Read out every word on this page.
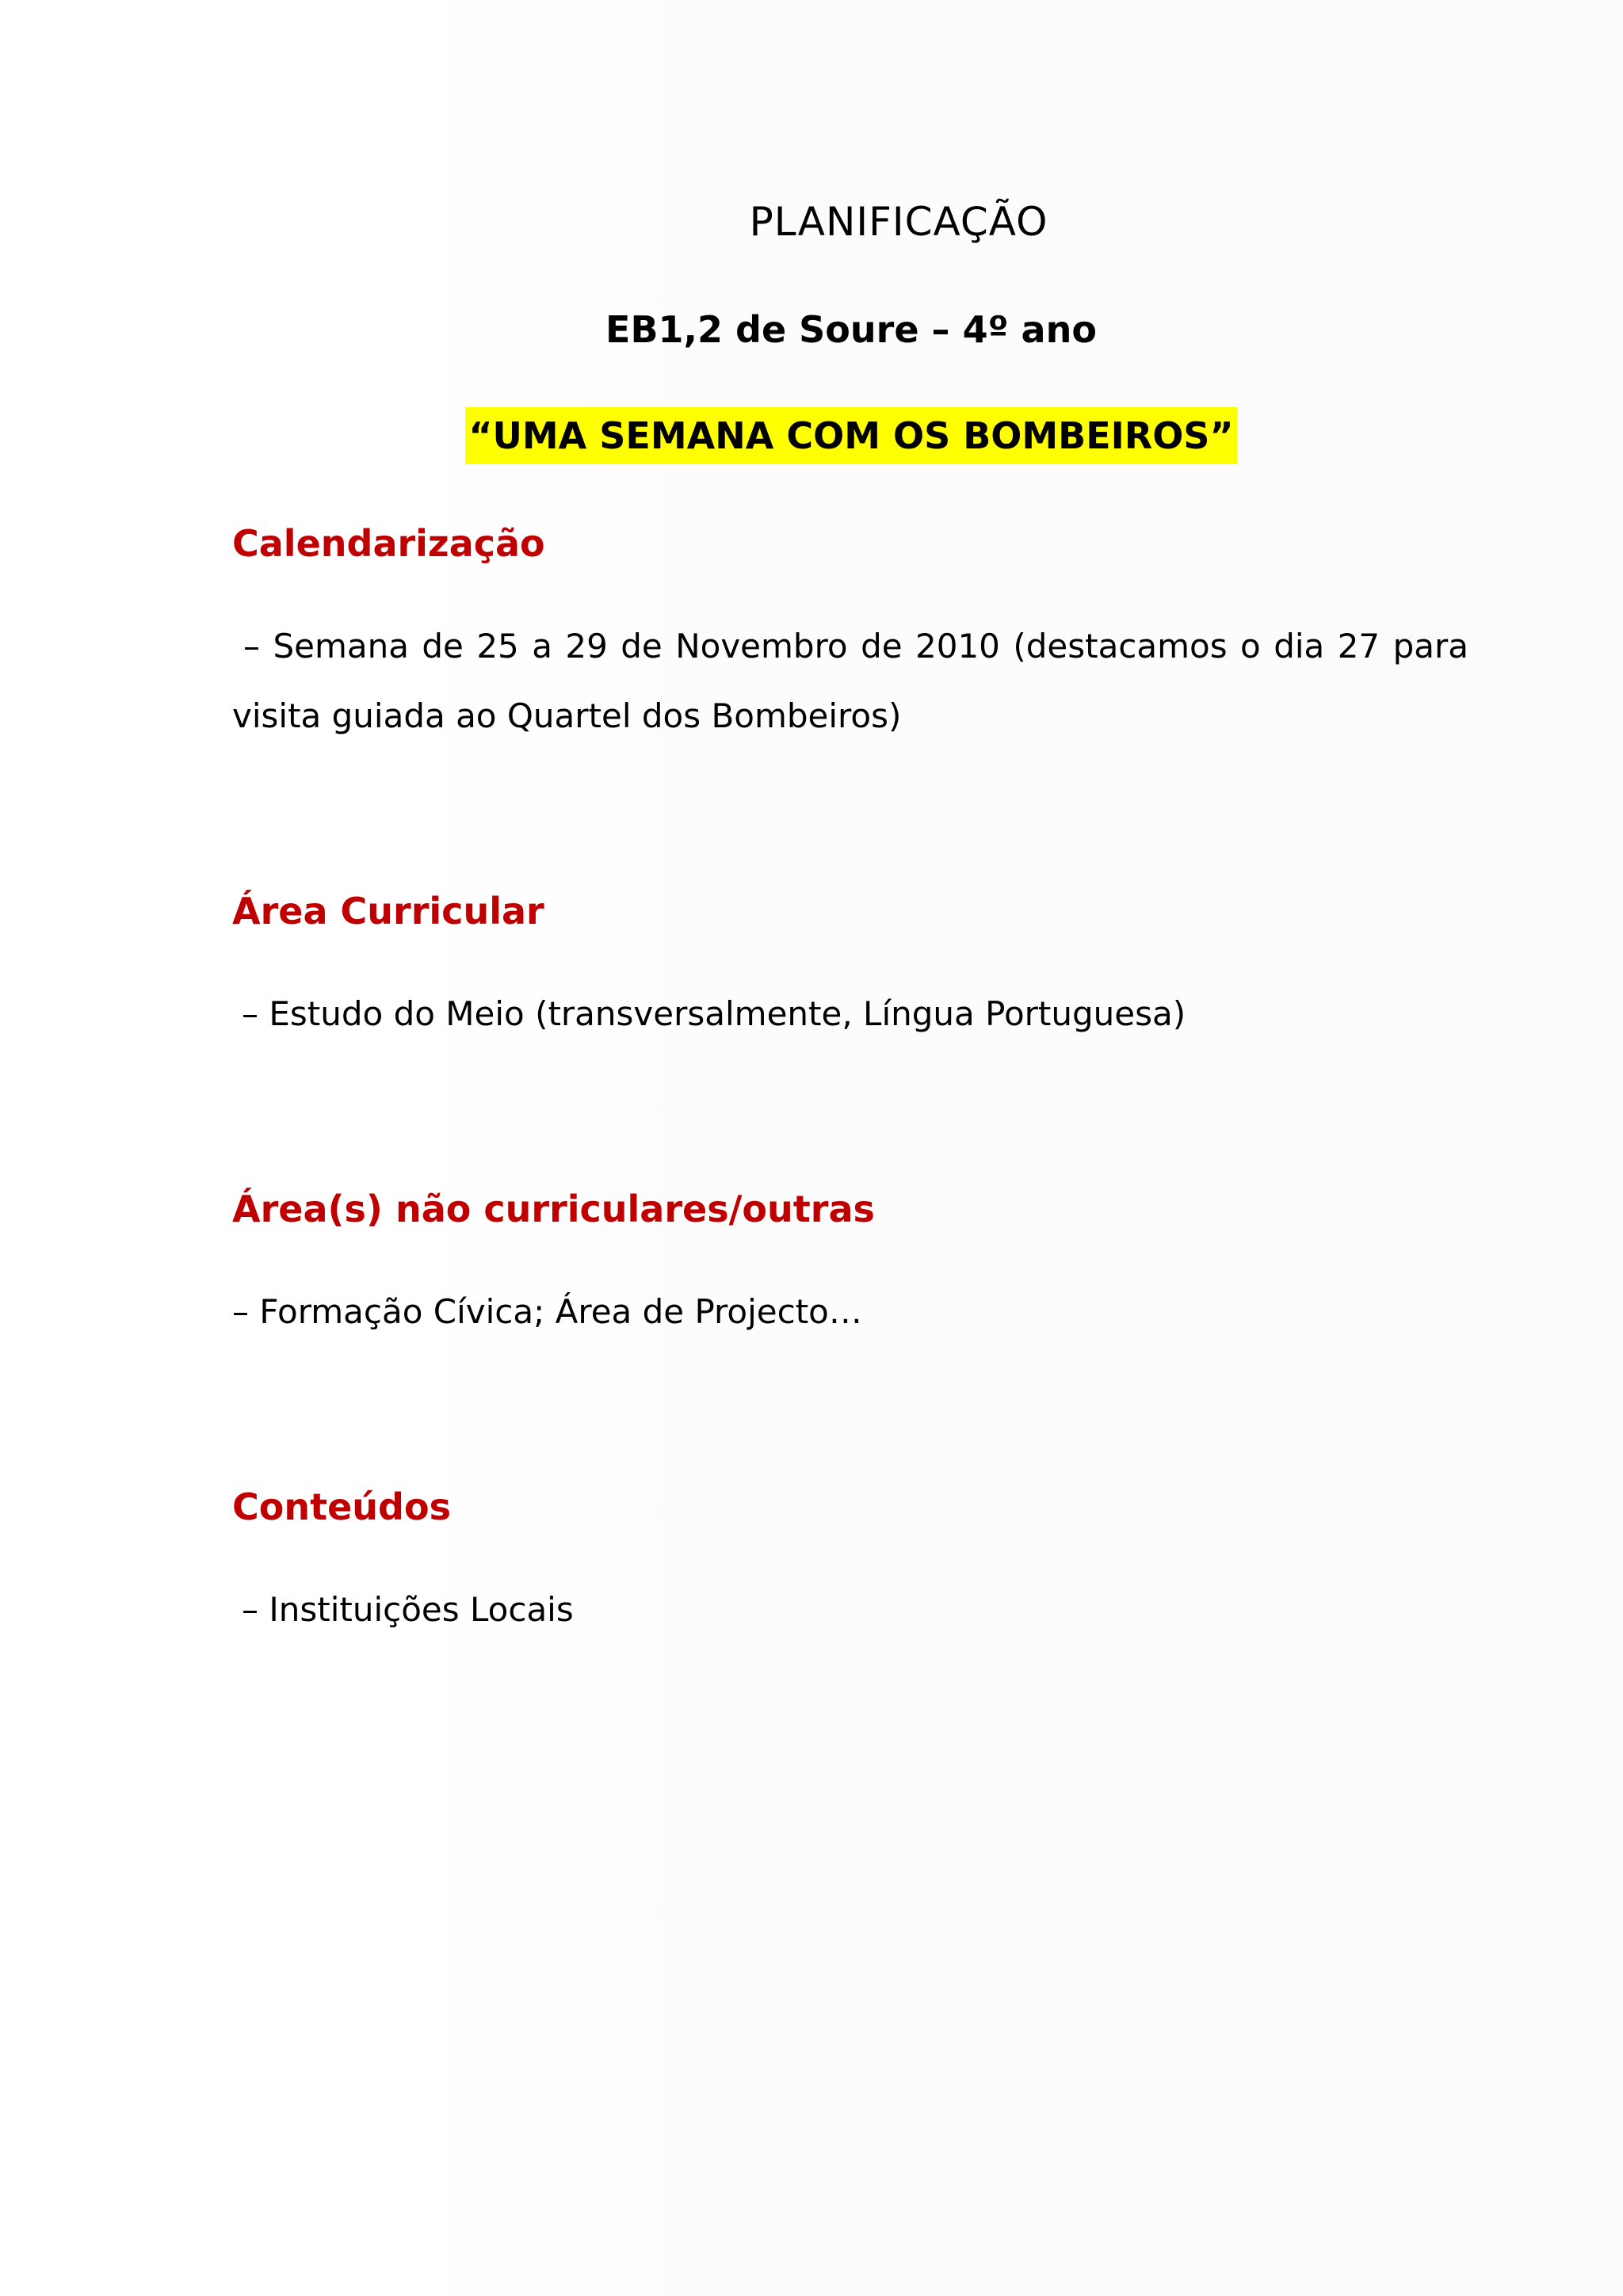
PLANIFICAÇÃO
EB1,2 de Soure – 4º ano
“UMA SEMANA COM OS BOMBEIROS”
Calendarização
– Semana de 25 a 29 de Novembro de 2010 (destacamos o dia 27 para visita guiada ao Quartel dos Bombeiros)
Área Curricular
– Estudo do Meio (transversalmente, Língua Portuguesa)
Área(s) não curriculares/outras
– Formação Cívica; Área de Projecto…
Conteúdos
– Instituições Locais
